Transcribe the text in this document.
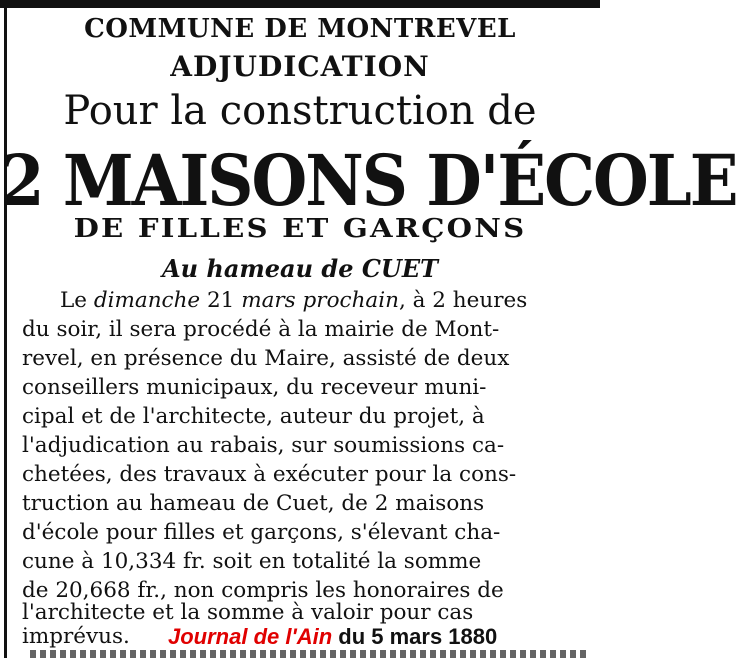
COMMUNE DE MONTREVEL
ADJUDICATION
Pour la construction de
2 MAISONS D'ÉCOLE
DE FILLES ET GARÇONS
Au hameau de CUET
Le dimanche 21 mars prochain, à 2 heures
du soir, il sera procédé à la mairie de Mont-
revel, en présence du Maire, assisté de deux
conseillers municipaux, du receveur muni-
cipal et de l'architecte, auteur du projet, à
l'adjudication au rabais, sur soumissions ca-
chetées, des travaux à exécuter pour la cons-
truction au hameau de Cuet, de 2 maisons
d'école pour filles et garçons, s'élevant cha-
cune à 10,334 fr. soit en totalité la somme
de 20,668 fr., non compris les honoraires de
l'architecte et la somme à valoir pour cas
imprévus. Journal de l'Ain du 5 mars 1880
